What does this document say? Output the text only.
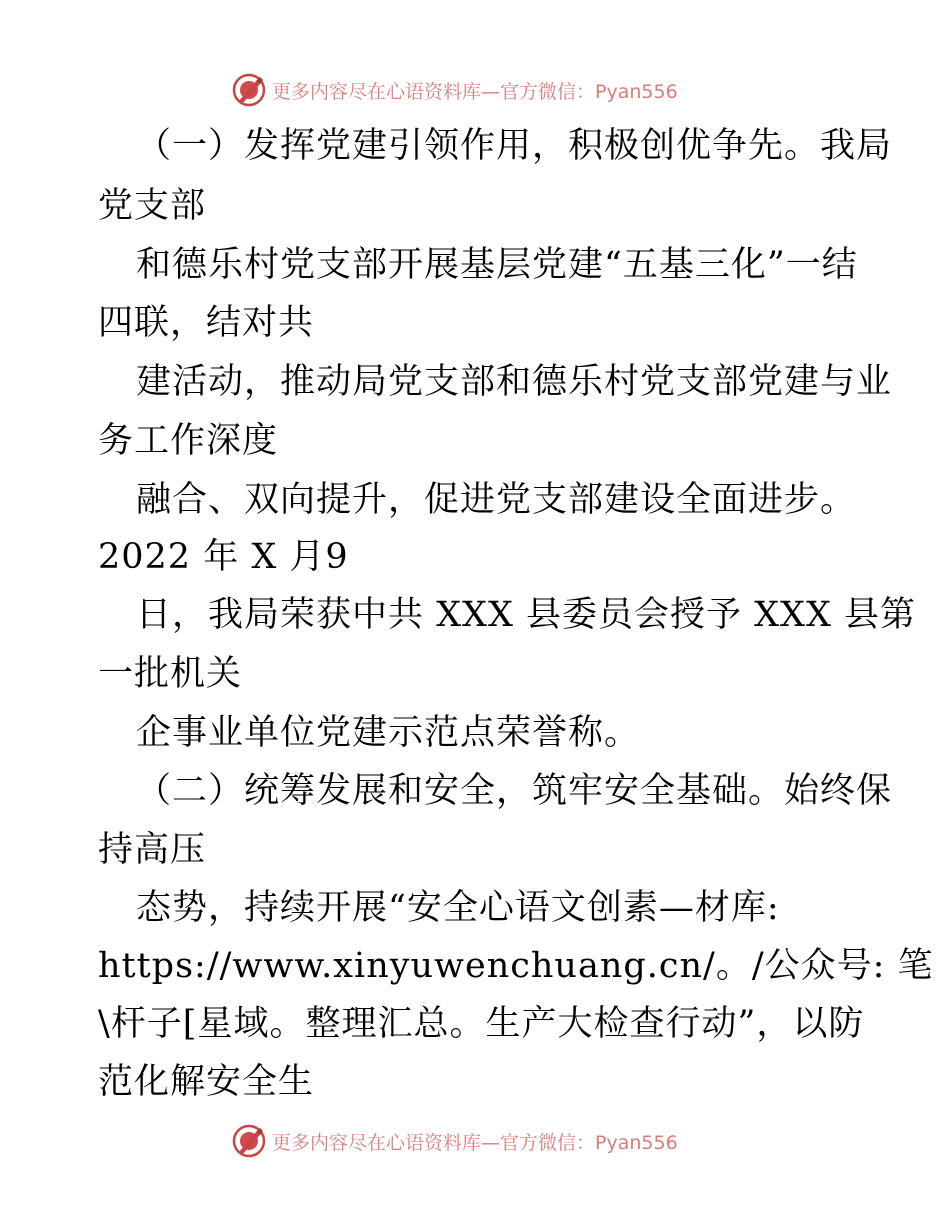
更多内容尽在心语资料库—官方微信：Pyan556
（一）发挥党建引领作用，积极创优争先。我局
党支部
和德乐村党支部开展基层党建“五基三化”一结
四联，结对共
建活动，推动局党支部和德乐村党支部党建与业
务工作深度
融合、双向提升，促进党支部建设全面进步。
2022 年 X 月9
日，我局荣获中共 XXX 县委员会授予 XXX 县第
一批机关
企事业单位党建示范点荣誉称。
（二）统筹发展和安全，筑牢安全基础。始终保
持高压
态势，持续开展“安全心语文创素—材库:
https://www.xinyuwenchuang.cn/。/公众号: 笔
\杆子[星域。整理汇总。生产大检查行动”，以防
范化解安全生
更多内容尽在心语资料库—官方微信：Pyan556
